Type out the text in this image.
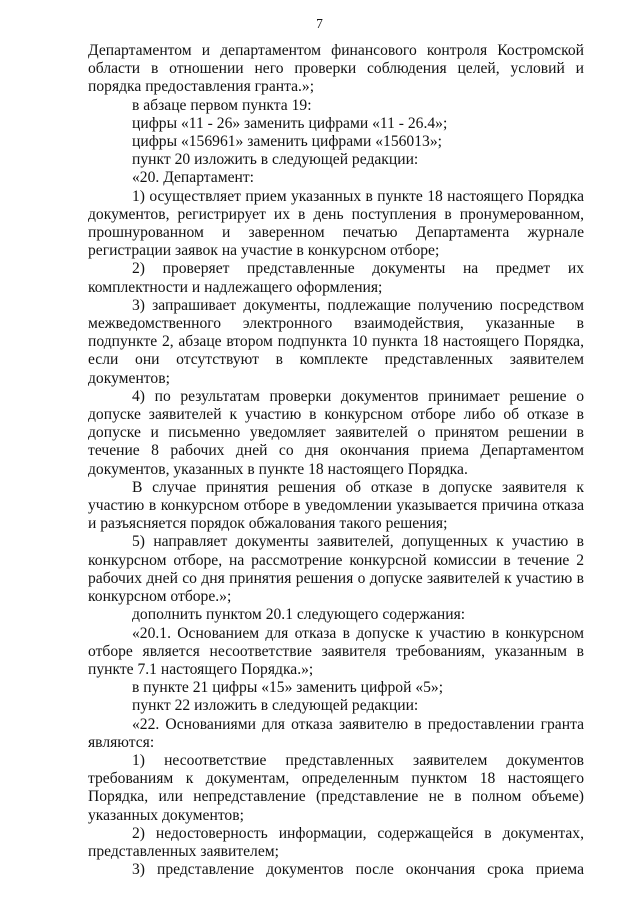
7

Департаментом и департаментом финансового контроля Костромской области в отношении него проверки соблюдения целей, условий и порядка предоставления гранта.»;

в абзаце первом пункта 19:

цифры «11 - 26» заменить цифрами «11 - 26.4»;

цифры «156961» заменить цифрами «156013»;

пункт 20 изложить в следующей редакции:

«20. Департамент:

1) осуществляет прием указанных в пункте 18 настоящего Порядка документов, регистрирует их в день поступления в пронумерованном, прошнурованном и заверенном печатью Департамента журнале регистрации заявок на участие в конкурсном отборе;

2) проверяет представленные документы на предмет их комплектности и надлежащего оформления;

3) запрашивает документы, подлежащие получению посредством межведомственного электронного взаимодействия, указанные в подпункте 2, абзаце втором подпункта 10 пункта 18 настоящего Порядка, если они отсутствуют в комплекте представленных заявителем документов;

4) по результатам проверки документов принимает решение о допуске заявителей к участию в конкурсном отборе либо об отказе в допуске и письменно уведомляет заявителей о принятом решении в течение 8 рабочих дней со дня окончания приема Департаментом документов, указанных в пункте 18 настоящего Порядка.

В случае принятия решения об отказе в допуске заявителя к участию в конкурсном отборе в уведомлении указывается причина отказа и разъясняется порядок обжалования такого решения;

5) направляет документы заявителей, допущенных к участию в конкурсном отборе, на рассмотрение конкурсной комиссии в течение 2 рабочих дней со дня принятия решения о допуске заявителей к участию в конкурсном отборе.»;

дополнить пунктом 20.1 следующего содержания:

«20.1. Основанием для отказа в допуске к участию в конкурсном отборе является несоответствие заявителя требованиям, указанным в пункте 7.1 настоящего Порядка.»;

в пункте 21 цифры «15» заменить цифрой «5»;

пункт 22 изложить в следующей редакции:

«22. Основаниями для отказа заявителю в предоставлении гранта являются:

1) несоответствие представленных заявителем документов требованиям к документам, определенным пунктом 18 настоящего Порядка, или непредставление (представление не в полном объеме) указанных документов;

2) недостоверность информации, содержащейся в документах, представленных заявителем;

3) представление документов после окончания срока приема
